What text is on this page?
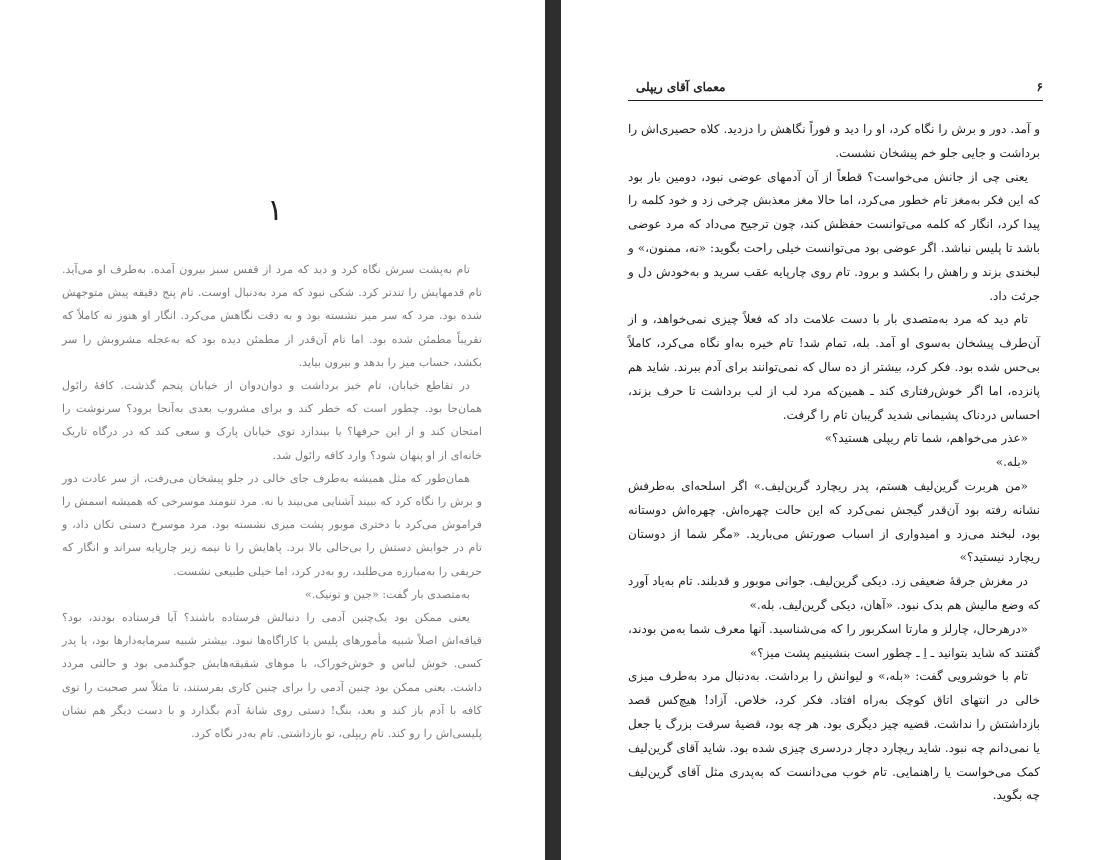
۱

تام به‌پشت سرش نگاه کرد و دید که مرد از قفس سبز بیرون آمده. به‌طرف او می‌آید. تام قدمهایش را تندتر کرد. شکی نبود که مرد به‌دنبال اوست. تام پنج دقیقه پیش متوجهش شده بود. مرد که سر میز نشسته بود و به دقت نگاهش می‌کرد. انگار او هنوز نه کاملاً که تقریباً مطمئن شده بود. اما تام آن‌قدر از مطمئن دیده بود که به‌عجله مشروبش را سر بکشد، حساب میز را بدهد و بیرون بیاید.

در تقاطع خیابان، تام خیز برداشت و دوان‌دوان از خیابان پنجم گذشت. کافهٔ رائول همان‌جا بود. چطور است که خطر کند و برای مشروب بعدی به‌آنجا برود؟ سرنوشت را امتحان کند و از این حرفها؟ یا بیندازد توی خیابان پارک و سعی کند که در درگاه تاریک خانه‌ای از او پنهان شود؟ وارد کافه رائول شد.

همان‌طور که مثل همیشه به‌طرف جای خالی در جلو پیشخان می‌رفت، از سر عادت دور و برش را نگاه کرد که ببیند آشنایی می‌بیند یا نه. مرد تنومند موسرخی که همیشه اسمش را فراموش می‌کرد با دختری موبور پشت میزی نشسته بود. مرد موسرخ دستی تکان داد، و تام در جوابش دستش را بی‌حالی بالا برد. پاهایش را تا نیمه زیر چارپایه سراند و انگار که حریفی را به‌مبارزه می‌طلبد، رو به‌در کرد، اما خیلی طبیعی نشست.

به‌متصدی بار گفت: «جین و تونیک.»

یعنی ممکن بود یک‌چنین آدمی را دنبالش فرستاده باشند؟ آیا فرستاده بودند، بود؟ قیافه‌اش اصلاً شبیه مأمورهای پلیس یا کاراگاه‌ها نبود. بیشتر شبیه سرمایه‌دارها بود، یا پدر کسی. خوش لباس و خوش‌خوراک، با موهای شقیقه‌هایش جوگندمی بود و حالتی مردد داشت. یعنی ممکن بود چنین آدمی را برای چنین کاری بفرستند، تا مثلاً سر صحبت را توی کافه با آدم باز کند و بعد، بنگ! دستی روی شانهٔ آدم بگذارد و با دست دیگر هم نشان پلیسی‌اش را رو کند. تام ریپلی، تو بازداشتی. تام به‌در نگاه کرد.

۶
معمای آقای ریپلی

و آمد. دور و برش را نگاه کرد، او را دید و فوراً نگاهش را دزدید. کلاه حصیری‌اش را برداشت و جایی جلو خم پیشخان نشست.

یعنی چی از جانش می‌خواست؟ قطعاً از آن آدمهای عوضی نبود، دومین بار بود که این فکر به‌مغز تام خطور می‌کرد، اما حالا مغز معذبش چرخی زد و خود کلمه را پیدا کرد، انگار که کلمه می‌توانست حفظش کند، چون ترجیح می‌داد که مرد عوضی باشد تا پلیس نباشد. اگر عوضی بود می‌توانست خیلی راحت بگوید: «نه، ممنون،» و لبخندی بزند و راهش را بکشد و برود. تام روی چارپایه عقب سرید و به‌خودش دل و جرئت داد.

تام دید که مرد به‌متصدی بار با دست علامت داد که فعلاً چیزی نمی‌خواهد، و از آن‌طرف پیشخان به‌سوی او آمد. بله، تمام شد! تام خیره به‌او نگاه می‌کرد، کاملاً بی‌حس شده بود. فکر کرد، بیشتر از ده سال که نمی‌توانند برای آدم ببرند. شاید هم پانزده، اما اگر خوش‌رفتاری کند ـ همین‌که مرد لب از لب برداشت تا حرف بزند، احساس دردناک پشیمانی شدید گریبان تام را گرفت.

«عذر می‌خواهم، شما تام ریپلی هستید؟»

«بله.»

«من هربرت گرین‌لیف هستم، پدر ریچارد گرین‌لیف.» اگر اسلحه‌ای به‌طرفش نشانه رفته بود آن‌قدر گیجش نمی‌کرد که این حالت چهره‌اش. چهره‌اش دوستانه بود، لبخند می‌زد و امیدواری از اسباب صورتش می‌بارید. «مگر شما از دوستان ریچارد نیستید؟»

در مغزش جرقهٔ ضعیفی زد. دیکی گرین‌لیف. جوانی موبور و قدبلند. تام به‌یاد آورد که وضع مالیش هم بدک نبود. «آهان، دیکی گرین‌لیف. بله.»

«درهرحال، چارلز و مارتا اسکربور را که می‌شناسید. آنها معرف شما به‌من بودند، گفتند که شاید بتوانید ـ اِ ـ چطور است بنشینیم پشت میز؟»

تام با خوشرویی گفت: «بله،» و لیوانش را برداشت. به‌دنبال مرد به‌طرف میزی خالی در انتهای اتاق کوچک به‌راه افتاد. فکر کرد، خلاص. آزاد! هیچ‌کس قصد بازداشتش را نداشت. قضیه چیز دیگری بود. هر چه بود، قضیهٔ سرقت بزرگ یا جعل یا نمی‌دانم چه نبود. شاید ریچارد دچار دردسری چیزی شده بود. شاید آقای گرین‌لیف کمک می‌خواست یا راهنمایی. تام خوب می‌دانست که به‌پدری مثل آقای گرین‌لیف چه بگوید.
